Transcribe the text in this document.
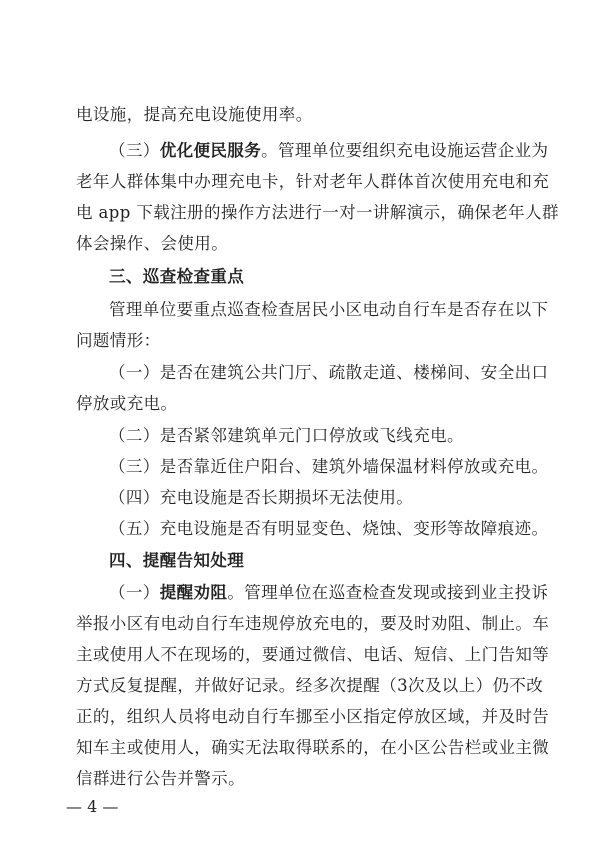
电设施，提高充电设施使用率。
（三）优化便民服务。管理单位要组织充电设施运营企业为
老年人群体集中办理充电卡，针对老年人群体首次使用充电和充
电 app 下载注册的操作方法进行一对一讲解演示，确保老年人群
体会操作、会使用。
三、巡查检查重点
管理单位要重点巡查检查居民小区电动自行车是否存在以下
问题情形：
（一）是否在建筑公共门厅、疏散走道、楼梯间、安全出口
停放或充电。
（二）是否紧邻建筑单元门口停放或飞线充电。
（三）是否靠近住户阳台、建筑外墙保温材料停放或充电。
（四）充电设施是否长期损坏无法使用。
（五）充电设施是否有明显变色、烧蚀、变形等故障痕迹。
四、提醒告知处理
（一）提醒劝阻。管理单位在巡查检查发现或接到业主投诉
举报小区有电动自行车违规停放充电的，要及时劝阻、制止。车
主或使用人不在现场的，要通过微信、电话、短信、上门告知等
方式反复提醒，并做好记录。经多次提醒（3次及以上）仍不改
正的，组织人员将电动自行车挪至小区指定停放区域，并及时告
知车主或使用人，确实无法取得联系的，在小区公告栏或业主微
信群进行公告并警示。
— 4 —
